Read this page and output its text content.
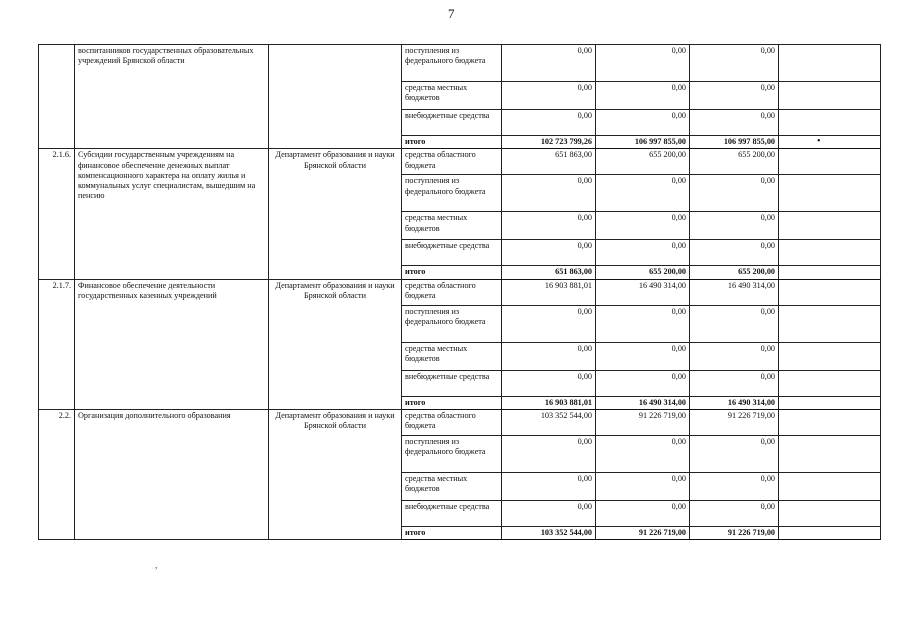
7
•
,
	воспитанников государственных образовательных учреждений Брянской области		поступления из федерального бюджета	0,00	0,00	0,00	
			средства местных бюджетов	0,00	0,00	0,00	
			внебюджетные средства	0,00	0,00	0,00	
			итого	102 723 799,26	106 997 855,00	106 997 855,00	
2.1.6.	Субсидии государственным учреждениям на финансовое обеспечение денежных выплат компенсационного характера на оплату жилья и коммунальных услуг специалистам, вышедшим на пенсию	Департамент образования и науки Брянской области	средства областного бюджета	651 863,00	655 200,00	655 200,00	
			поступления из федерального бюджета	0,00	0,00	0,00	
			средства местных бюджетов	0,00	0,00	0,00	
			внебюджетные средства	0,00	0,00	0,00	
			итого	651 863,00	655 200,00	655 200,00	
2.1.7.	Финансовое обеспечение деятельности государственных казенных учреждений	Департамент образования и науки Брянской области	средства областного бюджета	16 903 881,01	16 490 314,00	16 490 314,00	
			поступления из федерального бюджета	0,00	0,00	0,00	
			средства местных бюджетов	0,00	0,00	0,00	
			внебюджетные средства	0,00	0,00	0,00	
			итого	16 903 881,01	16 490 314,00	16 490 314,00	
2.2.	Организация дополнительного образования	Департамент образования и науки Брянской области	средства областного бюджета	103 352 544,00	91 226 719,00	91 226 719,00	
			поступления из федерального бюджета	0,00	0,00	0,00	
			средства местных бюджетов	0,00	0,00	0,00	
			внебюджетные средства	0,00	0,00	0,00	
			итого	103 352 544,00	91 226 719,00	91 226 719,00	
